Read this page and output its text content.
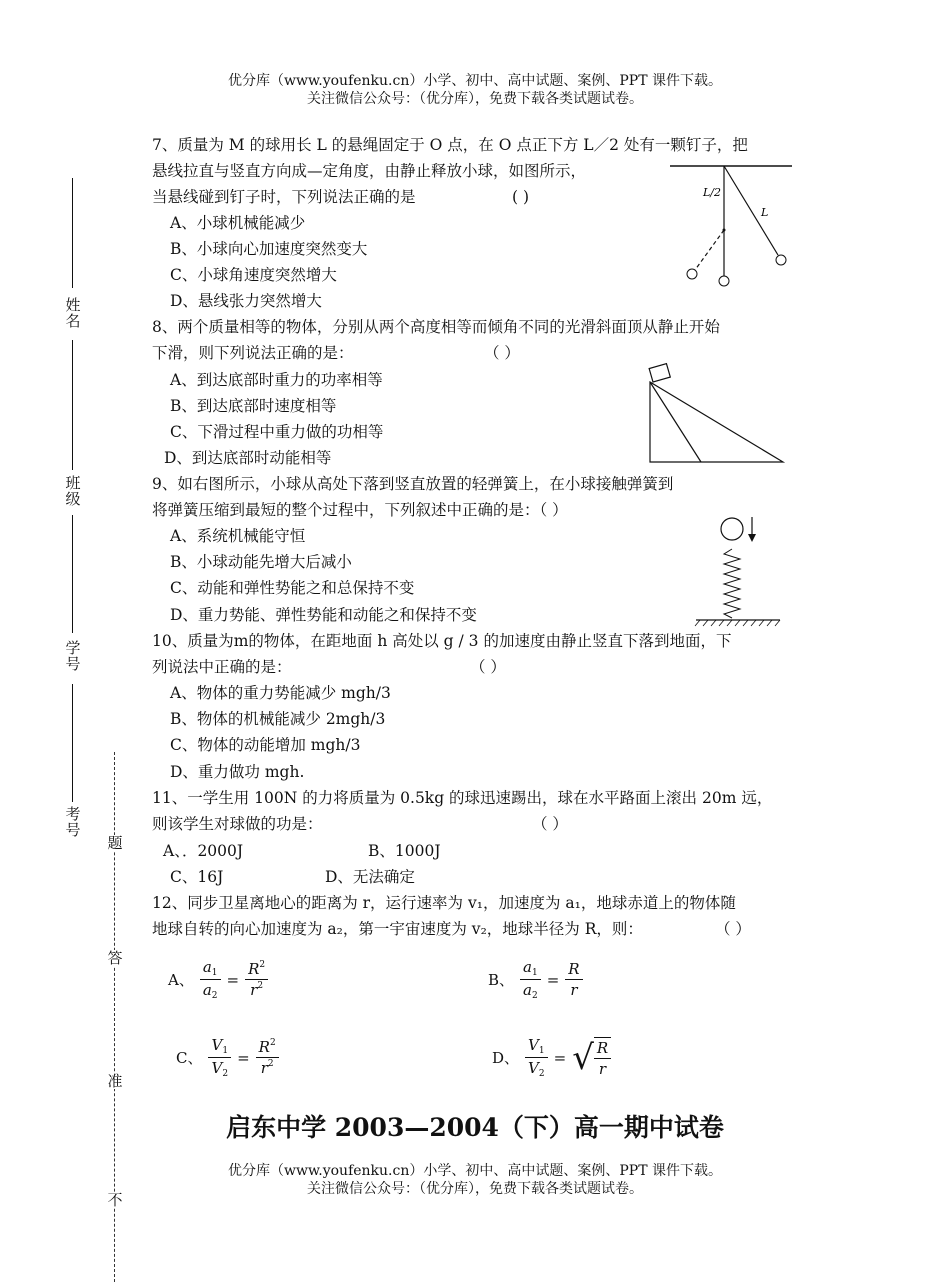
优分库（www.youfenku.cn）小学、初中、高中试题、案例、PPT 课件下载。
关注微信公众号：（优分库），免费下载各类试题试卷。
姓名
班级
学号
考号
题
答
准
不
7、质量为 M 的球用长 L 的悬绳固定于 O 点，在 O 点正下方 L／2 处有一颗钉子，把
悬线拉直与竖直方向成—定角度，由静止释放小球，如图所示，
当悬线碰到钉子时，下列说法正确的是	( )
A、小球机械能减少
B、小球向心加速度突然变大
C、小球角速度突然增大
D、悬线张力突然增大
L/2
L
8、两个质量相等的物体，分别从两个高度相等而倾角不同的光滑斜面顶从静止开始
下滑，则下列说法正确的是：	（ ）
A、到达底部时重力的功率相等
B、到达底部时速度相等
C、下滑过程中重力做的功相等
D、到达底部时动能相等
9、如右图所示，小球从高处下落到竖直放置的轻弹簧上，在小球接触弹簧到
将弹簧压缩到最短的整个过程中，下列叙述中正确的是：（ ）
A、系统机械能守恒
B、小球动能先增大后减小
C、动能和弹性势能之和总保持不变
D、重力势能、弹性势能和动能之和保持不变
10、质量为m的物体，在距地面 h 高处以 g / 3 的加速度由静止竖直下落到地面，下
列说法中正确的是：	（ ）
A、物体的重力势能减少 mgh/3
B、物体的机械能减少 2mgh/3
C、物体的动能增加 mgh/3
D、重力做功 mgh.
11、一学生用 100N 的力将质量为 0.5kg 的球迅速踢出，球在水平路面上滚出 20m 远，
则该学生对球做的功是：	（ ）
A、．2000J	B、1000J
C、16J	D、无法确定
12、同步卫星离地心的距离为 r，运行速率为 v₁，加速度为 a₁，地球赤道上的物体随
地球自转的向心加速度为 a₂，第一宇宙速度为 v₂，地球半径为 R，则：	（ ）
A、 $\frac{a_1}{a_2} = \frac{R^2}{r^2}$	B、 $\frac{a_1}{a_2} = \frac{R}{r}$
C、 $\frac{V_1}{V_2} = \frac{R^2}{r^2}$	D、 $\frac{V_1}{V_2}$ = √ $\frac{R}{r}$
启东中学 2003—2004（下）高一期中试卷
优分库（www.youfenku.cn）小学、初中、高中试题、案例、PPT 课件下载。
关注微信公众号：（优分库），免费下载各类试题试卷。
